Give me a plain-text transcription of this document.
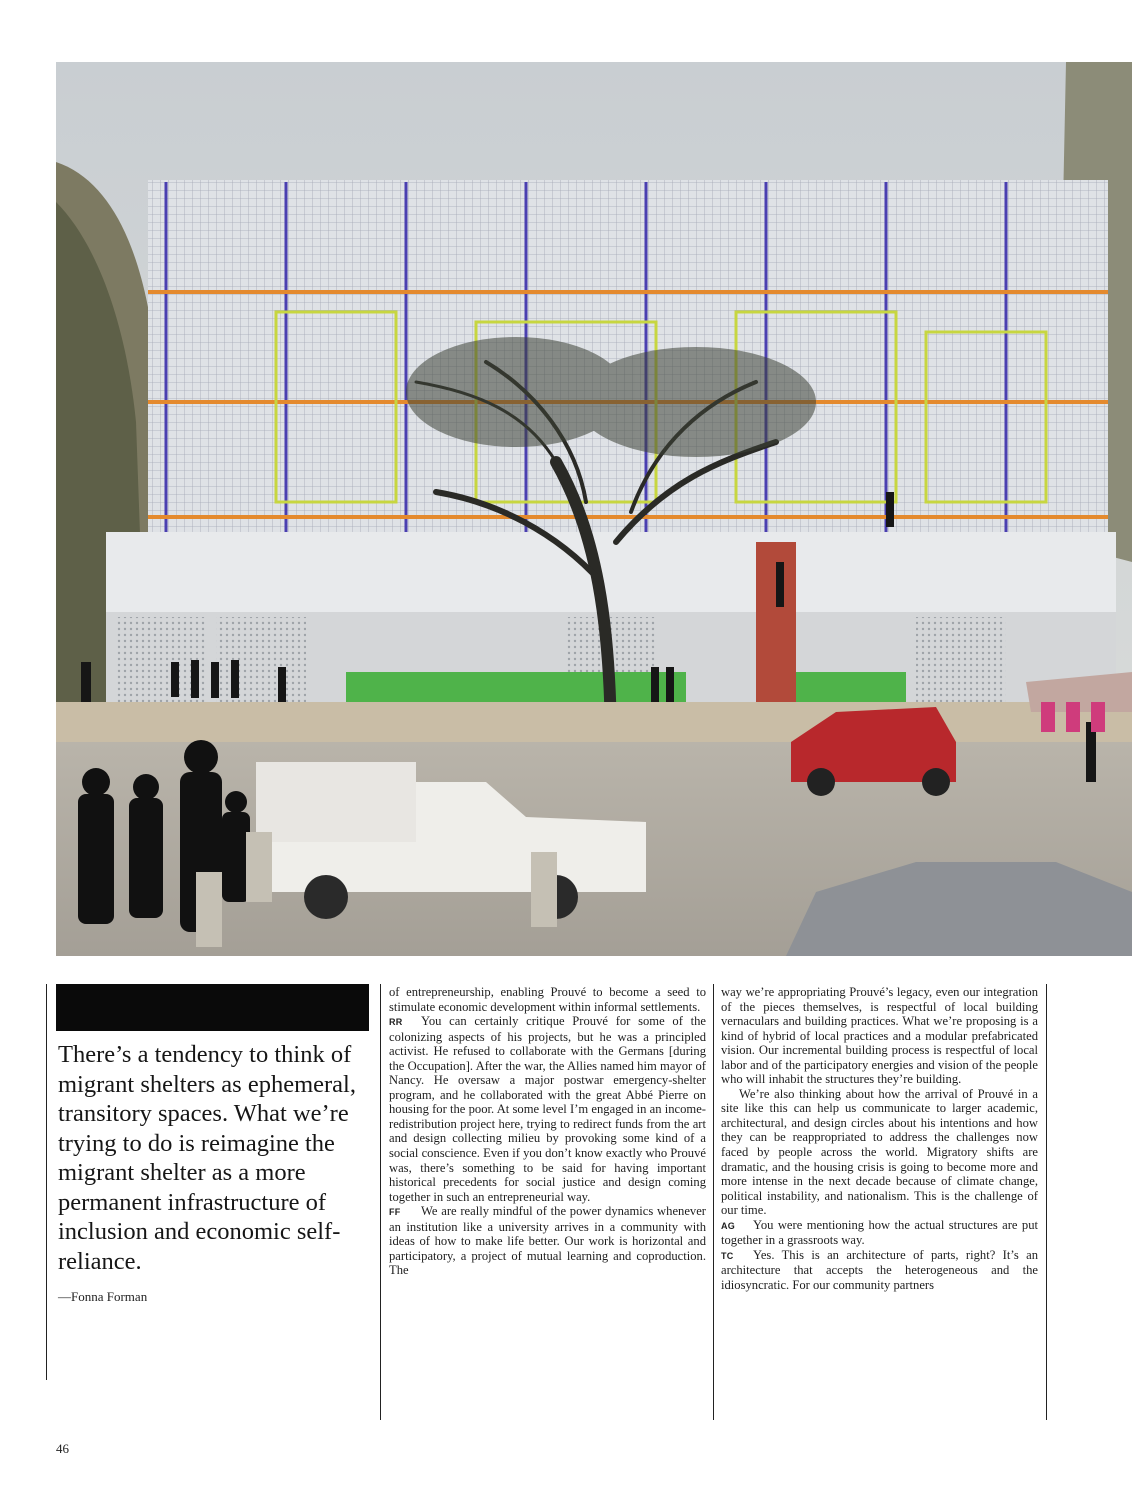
There’s a tendency to think of migrant shelters as ephemeral, transitory spaces. What we’re trying to do is reimagine the migrant shelter as a more permanent infrastructure of inclusion and economic self-reliance.

—Fonna Forman

of entrepreneurship, enabling Prouvé to become a seed to stimulate economic development within informal settlements.

RR You can certainly critique Prouvé for some of the colonizing aspects of his projects, but he was a principled activist. He refused to collaborate with the Germans [during the Occupation]. After the war, the Allies named him mayor of Nancy. He oversaw a major postwar emergency-shelter program, and he collaborated with the great Abbé Pierre on housing for the poor. At some level I’m engaged in an income-redistribution project here, trying to redirect funds from the art and design collecting milieu by provoking some kind of a social conscience. Even if you don’t know exactly who Prouvé was, there’s something to be said for having important historical precedents for social justice and design coming together in such an entrepreneurial way.

FF We are really mindful of the power dynamics whenever an institution like a university arrives in a community with ideas of how to make life better. Our work is horizontal and participatory, a project of mutual learning and coproduction. The

way we’re appropriating Prouvé’s legacy, even our integration of the pieces themselves, is respectful of local building vernaculars and building practices. What we’re proposing is a kind of hybrid of local practices and a modular prefabricated vision. Our incremental building process is respectful of local labor and of the participatory energies and vision of the people who will inhabit the structures they’re building.

We’re also thinking about how the arrival of Prouvé in a site like this can help us communicate to larger academic, architectural, and design circles about his intentions and how they can be reappropriated to address the challenges now faced by people across the world. Migratory shifts are dramatic, and the housing crisis is going to become more and more intense in the next decade because of climate change, political instability, and nationalism. This is the challenge of our time.

AG You were mentioning how the actual structures are put together in a grassroots way.

TC Yes. This is an architecture of parts, right? It’s an architecture that accepts the heterogeneous and the idiosyncratic. For our community partners

46
